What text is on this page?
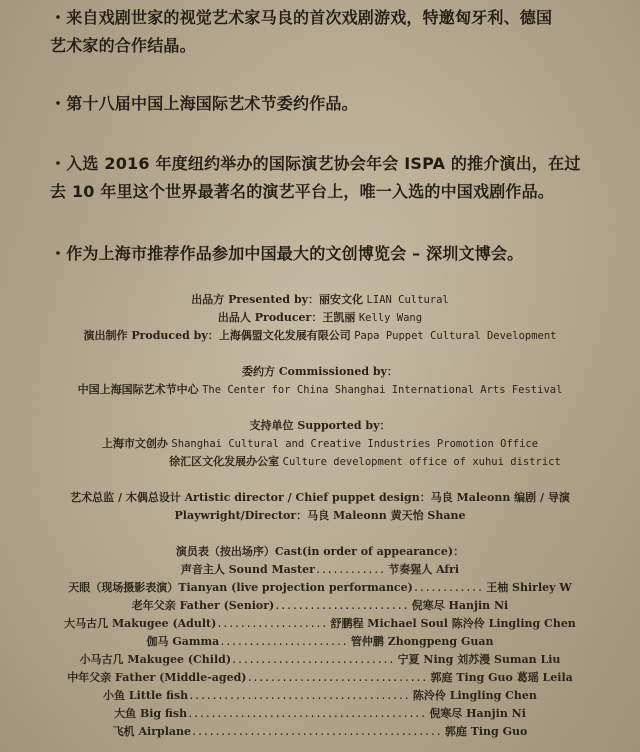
・来自戏剧世家的视觉艺术家马良的首次戏剧游戏，特邀匈牙利、德国
艺术家的合作结晶。
・第十八届中国上海国际艺术节委约作品。
・入选 2016 年度纽约举办的国际演艺协会年会 ISPA 的推介演出，在过
去 10 年里这个世界最著名的演艺平台上，唯一入选的中国戏剧作品。
・作为上海市推荐作品参加中国最大的文创博览会 – 深圳文博会。
出品方 Presented by：丽安文化 LIAN Cultural
出品人 Producer：王凯丽 Kelly Wang
演出制作 Produced by：上海偶盟文化发展有限公司 Papa Puppet Cultural Development
委约方 Commissioned by：
中国上海国际艺术节中心 The Center for China Shanghai International Arts Festival
支持单位 Supported by：
上海市文创办 Shanghai Cultural and Creative Industries Promotion Office
徐汇区文化发展办公室 Culture development office of xuhui district
艺术总监 / 木偶总设计 Artistic director / Chief puppet design：马良 Maleonn 编剧 / 导演
Playwright/Director：马良 Maleonn 黄天怡 Shane
演员表（按出场序）Cast(in order of appearance)：
声音主人 Sound Master............ 节奏猩人 Afri
天眼（现场摄影表演）Tianyan (live projection performance)............ 王柚 Shirley W
老年父亲 Father (Senior)....................... 倪寒尽 Hanjin Ni
大马古几 Makugee (Adult)................... 舒鹏程 Michael Soul 陈泠伶 Lingling Chen
伽马 Gamma...................... 管仲鹏 Zhongpeng Guan
小马古几 Makugee (Child)............................ 宁夏 Ning 刘苏漫 Suman Liu
中年父亲 Father (Middle-aged)............................... 郭庭 Ting Guo 葛瑶 Leila
小鱼 Little fish...................................... 陈泠伶 Lingling Chen
大鱼 Big fish......................................... 倪寒尽 Hanjin Ni
飞机 Airplane........................................... 郭庭 Ting Guo
